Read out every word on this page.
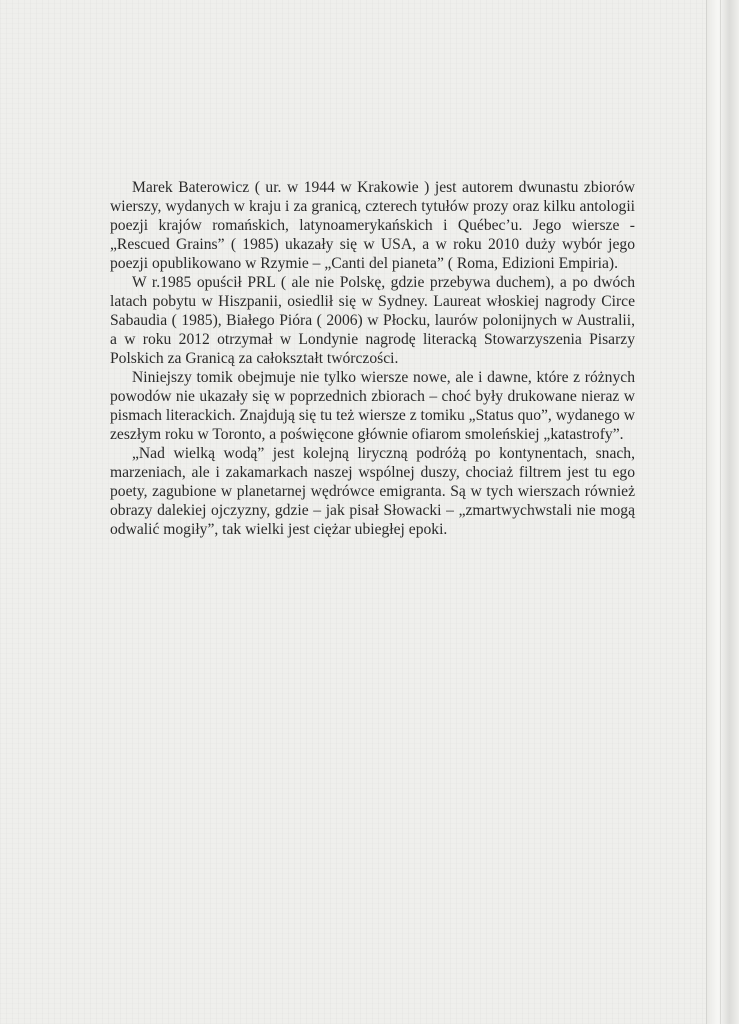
Marek Baterowicz ( ur. w 1944 w Krakowie ) jest autorem dwunastu zbiorów wierszy, wydanych w kraju i za granicą, czterech tytułów prozy oraz kilku antologii poezji krajów romańskich, latynoamerykańskich i Québec’u. Jego wiersze - „Rescued Grains” ( 1985) ukazały się w USA, a w roku 2010 duży wybór jego poezji opublikowano w Rzymie – „Canti del pianeta” ( Roma, Edizioni Empiria).

W r.1985 opuścił PRL ( ale nie Polskę, gdzie przebywa duchem), a po dwóch latach pobytu w Hiszpanii, osiedlił się w Sydney. Laureat włoskiej nagrody Circe Sabaudia ( 1985), Białego Pióra ( 2006) w Płocku, laurów polonijnych w Australii, a w roku 2012 otrzymał w Londynie nagrodę literacką Stowarzyszenia Pisarzy Polskich za Granicą za całokształt twórczości.

Niniejszy tomik obejmuje nie tylko wiersze nowe, ale i dawne, które z różnych powodów nie ukazały się w poprzednich zbiorach – choć były drukowane nieraz w pismach literackich. Znajdują się tu też wiersze z tomiku „Status quo”, wydanego w zeszłym roku w Toronto, a poświęcone głównie ofiarom smoleńskiej „katastrofy”.

„Nad wielką wodą” jest kolejną liryczną podróżą po kontynentach, snach, marzeniach, ale i zakamarkach naszej wspólnej duszy, chociaż filtrem jest tu ego poety, zagubione w planetarnej wędrówce emigranta. Są w tych wierszach również obrazy dalekiej ojczyzny, gdzie – jak pisał Słowacki – „zmartwychwstali nie mogą odwalić mogiły”, tak wielki jest ciężar ubiegłej epoki.
